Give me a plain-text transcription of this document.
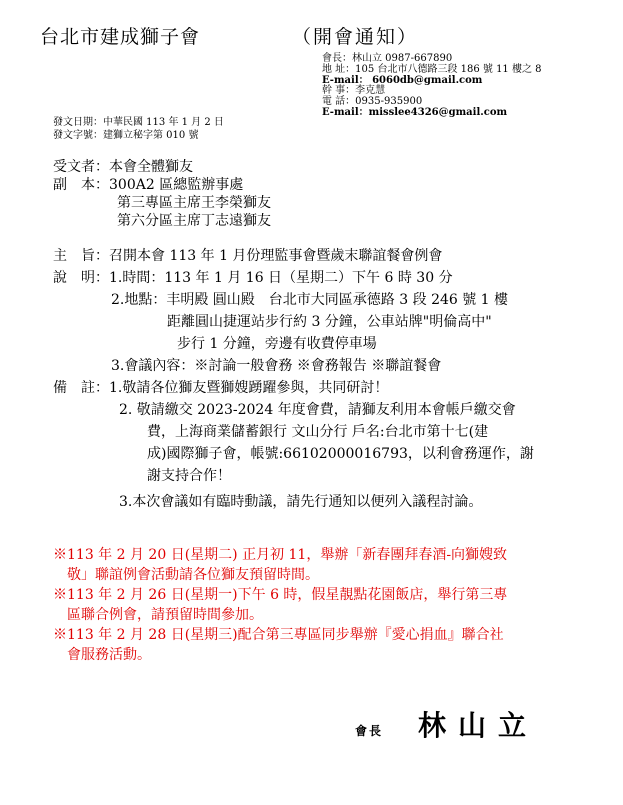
台北市建成獅子會	（開會通知）
會長：林山立 0987-667890
地 址：105 台北市八德路三段 186 號 11 樓之 8
E-mail： 6060db@gmail.com
幹 事：李克慧
電 話：0935-935900
E-mail：misslee4326@gmail.com
發文日期：中華民國 113 年 1 月 2 日
發文字號：建獅立秘字第 010 號
受文者：本會全體獅友
副　本：300A2 區總監辦事處
第三專區主席王李榮獅友
第六分區主席丁志遠獅友
主　旨：召開本會 113 年 1 月份理監事會暨歲末聯誼餐會例會
說　明：1.時間：113 年 1 月 16 日（星期二）下午 6 時 30 分
2.地點：丰明殿 圓山殿　台北市大同區承德路 3 段 246 號 1 樓
距離圓山捷運站步行約 3 分鐘，公車站牌"明倫高中"
步行 1 分鐘，旁邊有收費停車場
3.會議內容：※討論一般會務 ※會務報告 ※聯誼餐會
備　註：1.敬請各位獅友暨獅嫂踴躍參與，共同研討！
2. 敬請繳交 2023-2024 年度會費，請獅友利用本會帳戶繳交會
費，上海商業儲蓄銀行 文山分行 戶名:台北市第十七(建
成)國際獅子會，帳號:66102000016793，以利會務運作，謝
謝支持合作！
3.本次會議如有臨時動議，請先行通知以便列入議程討論。
※113 年 2 月 20 日(星期二) 正月初 11，舉辦「新春團拜春酒-向獅嫂致
敬」聯誼例會活動請各位獅友預留時間。
※113 年 2 月 26 日(星期一)下午 6 時，假星靚點花園飯店，舉行第三專
區聯合例會，請預留時間參加。
※113 年 2 月 28 日(星期三)配合第三專區同步舉辦『愛心捐血』聯合社
會服務活動。
會長 林山立
